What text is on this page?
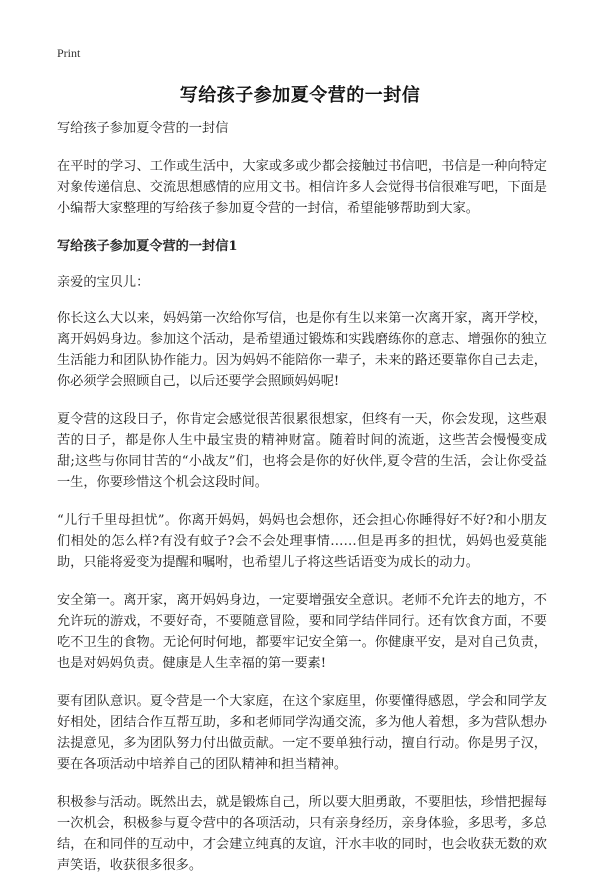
Print
写给孩子参加夏令营的一封信

写给孩子参加夏令营的一封信

在平时的学习、工作或生活中，大家或多或少都会接触过书信吧，书信是一种向特定对象传递信息、交流思想感情的应用文书。相信许多人会觉得书信很难写吧，下面是小编帮大家整理的写给孩子参加夏令营的一封信，希望能够帮助到大家。

写给孩子参加夏令营的一封信1

亲爱的宝贝儿：

你长这么大以来，妈妈第一次给你写信，也是你有生以来第一次离开家，离开学校，离开妈妈身边。参加这个活动，是希望通过锻炼和实践磨练你的意志、增强你的独立生活能力和团队协作能力。因为妈妈不能陪你一辈子，未来的路还要靠你自己去走，你必须学会照顾自己，以后还要学会照顾妈妈呢!

夏令营的这段日子，你肯定会感觉很苦很累很想家，但终有一天，你会发现，这些艰苦的日子，都是你人生中最宝贵的精神财富。随着时间的流逝，这些苦会慢慢变成甜;这些与你同甘苦的“小战友”们，也将会是你的好伙伴,夏令营的生活，会让你受益一生，你要珍惜这个机会这段时间。

“儿行千里母担忧”。你离开妈妈，妈妈也会想你，还会担心你睡得好不好?和小朋友们相处的怎么样?有没有蚊子?会不会处理事情……但是再多的担忧，妈妈也爱莫能助，只能将爱变为提醒和嘱咐，也希望儿子将这些话语变为成长的动力。

安全第一。离开家，离开妈妈身边，一定要增强安全意识。老师不允许去的地方，不允许玩的游戏，不要好奇，不要随意冒险，要和同学结伴同行。还有饮食方面，不要吃不卫生的食物。无论何时何地，都要牢记安全第一。你健康平安，是对自己负责，也是对妈妈负责。健康是人生幸福的第一要素!

要有团队意识。夏令营是一个大家庭，在这个家庭里，你要懂得感恩，学会和同学友好相处，团结合作互帮互助，多和老师同学沟通交流，多为他人着想，多为营队想办法提意见，多为团队努力付出做贡献。一定不要单独行动，擅自行动。你是男子汉，要在各项活动中培养自己的团队精神和担当精神。

积极参与活动。既然出去，就是锻炼自己，所以要大胆勇敢，不要胆怯，珍惜把握每一次机会，积极参与夏令营中的各项活动，只有亲身经历，亲身体验，多思考，多总结，在和同伴的互动中，才会建立纯真的友谊，汗水丰收的同时，也会收获无数的欢声笑语，收获很多很多。
